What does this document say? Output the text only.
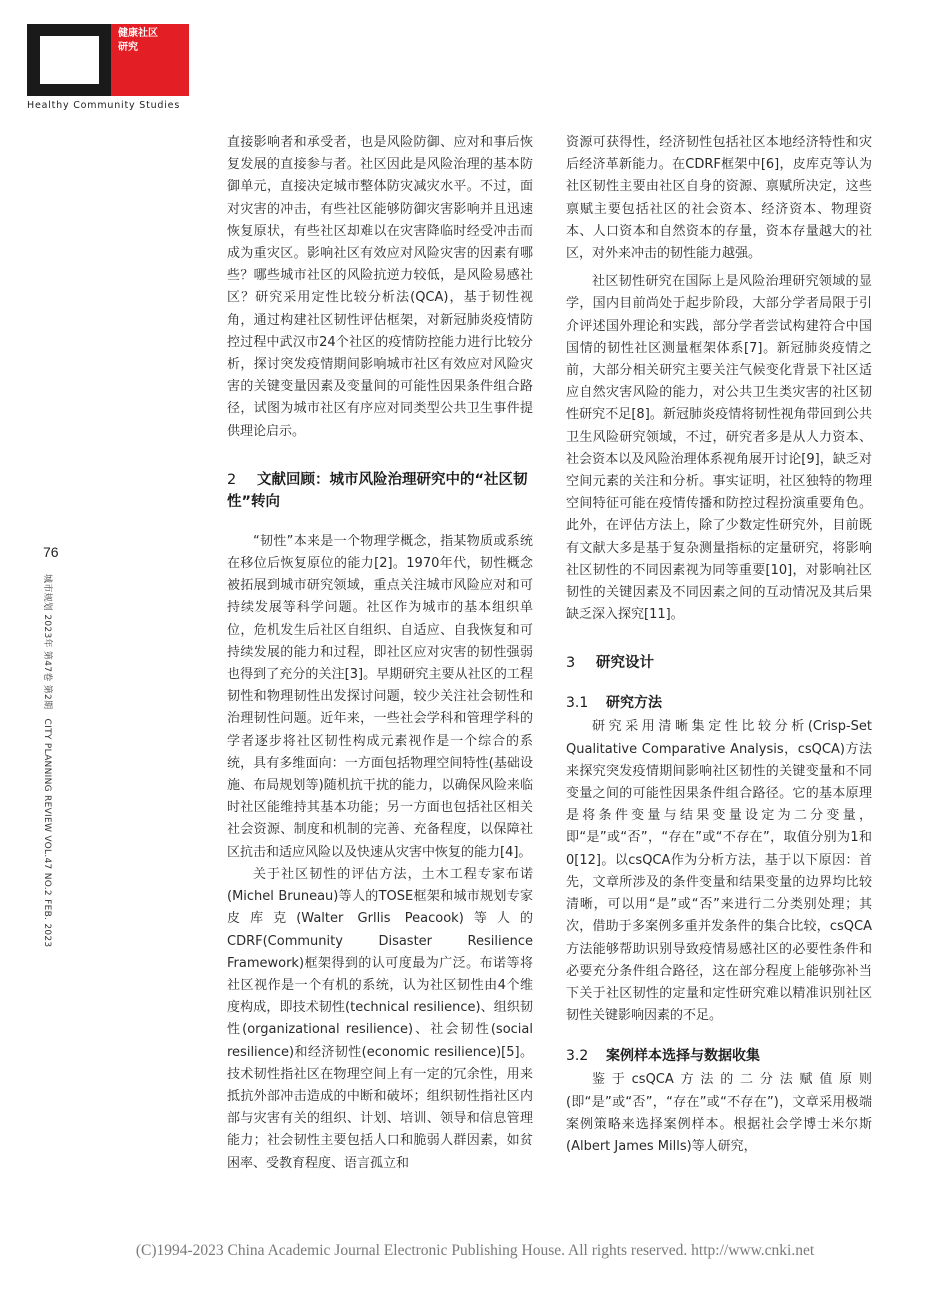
健康社区
研究
Healthy Community Studies
76
城市规划 2023年 第47卷 第2期 CITY PLANNING REVIEW VOL.47 NO.2 FEB. 2023

直接影响者和承受者，也是风险防御、应对和事后恢复发展的直接参与者。社区因此是风险治理的基本防御单元，直接决定城市整体防灾减灾水平。不过，面对灾害的冲击，有些社区能够防御灾害影响并且迅速恢复原状，有些社区却难以在灾害降临时经受冲击而成为重灾区。影响社区有效应对风险灾害的因素有哪些？哪些城市社区的风险抗逆力较低，是风险易感社区？研究采用定性比较分析法(QCA)，基于韧性视角，通过构建社区韧性评估框架，对新冠肺炎疫情防控过程中武汉市24个社区的疫情防控能力进行比较分析，探讨突发疫情期间影响城市社区有效应对风险灾害的关键变量因素及变量间的可能性因果条件组合路径，试图为城市社区有序应对同类型公共卫生事件提供理论启示。

2 文献回顾：城市风险治理研究中的“社区韧性”转向

“韧性”本来是一个物理学概念，指某物质或系统在移位后恢复原位的能力[2]。1970年代，韧性概念被拓展到城市研究领域，重点关注城市风险应对和可持续发展等科学问题。社区作为城市的基本组织单位，危机发生后社区自组织、自适应、自我恢复和可持续发展的能力和过程，即社区应对灾害的韧性强弱也得到了充分的关注[3]。早期研究主要从社区的工程韧性和物理韧性出发探讨问题，较少关注社会韧性和治理韧性问题。近年来，一些社会学科和管理学科的学者逐步将社区韧性构成元素视作是一个综合的系统，具有多维面向：一方面包括物理空间特性(基础设施、布局规划等)随机抗干扰的能力，以确保风险来临时社区能维持其基本功能；另一方面也包括社区相关社会资源、制度和机制的完善、充备程度，以保障社区抗击和适应风险以及快速从灾害中恢复的能力[4]。

关于社区韧性的评估方法，土木工程专家布诺(Michel Bruneau)等人的TOSE框架和城市规划专家皮库克(Walter Grllis Peacook)等人的CDRF(Community Disaster Resilience Framework)框架得到的认可度最为广泛。布诺等将社区视作是一个有机的系统，认为社区韧性由4个维度构成，即技术韧性(technical resilience)、组织韧性(organizational resilience)、社会韧性(social resilience)和经济韧性(economic resilience)[5]。技术韧性指社区在物理空间上有一定的冗余性，用来抵抗外部冲击造成的中断和破坏；组织韧性指社区内部与灾害有关的组织、计划、培训、领导和信息管理能力；社会韧性主要包括人口和脆弱人群因素，如贫困率、受教育程度、语言孤立和

资源可获得性，经济韧性包括社区本地经济特性和灾后经济革新能力。在CDRF框架中[6]，皮库克等认为社区韧性主要由社区自身的资源、禀赋所决定，这些禀赋主要包括社区的社会资本、经济资本、物理资本、人口资本和自然资本的存量，资本存量越大的社区，对外来冲击的韧性能力越强。

社区韧性研究在国际上是风险治理研究领域的显学，国内目前尚处于起步阶段，大部分学者局限于引介评述国外理论和实践，部分学者尝试构建符合中国国情的韧性社区测量框架体系[7]。新冠肺炎疫情之前，大部分相关研究主要关注气候变化背景下社区适应自然灾害风险的能力，对公共卫生类灾害的社区韧性研究不足[8]。新冠肺炎疫情将韧性视角带回到公共卫生风险研究领域，不过，研究者多是从人力资本、社会资本以及风险治理体系视角展开讨论[9]，缺乏对空间元素的关注和分析。事实证明，社区独特的物理空间特征可能在疫情传播和防控过程扮演重要角色。此外，在评估方法上，除了少数定性研究外，目前既有文献大多是基于复杂测量指标的定量研究，将影响社区韧性的不同因素视为同等重要[10]，对影响社区韧性的关键因素及不同因素之间的互动情况及其后果缺乏深入探究[11]。

3 研究设计
3.1 研究方法

研究采用清晰集定性比较分析(Crisp-Set Qualitative Comparative Analysis，csQCA)方法来探究突发疫情期间影响社区韧性的关键变量和不同变量之间的可能性因果条件组合路径。它的基本原理是将条件变量与结果变量设定为二分变量，即“是”或“否”，“存在”或“不存在”，取值分别为1和0[12]。以csQCA作为分析方法，基于以下原因：首先，文章所涉及的条件变量和结果变量的边界均比较清晰，可以用“是”或“否”来进行二分类别处理；其次，借助于多案例多重并发条件的集合比较，csQCA方法能够帮助识别导致疫情易感社区的必要性条件和必要充分条件组合路径，这在部分程度上能够弥补当下关于社区韧性的定量和定性研究难以精准识别社区韧性关键影响因素的不足。

3.2 案例样本选择与数据收集

鉴于csQCA方法的二分法赋值原则(即“是”或“否”，“存在”或“不存在”)，文章采用极端案例策略来选择案例样本。根据社会学博士米尔斯(Albert James Mills)等人研究，

(C)1994-2023 China Academic Journal Electronic Publishing House. All rights reserved. http://www.cnki.net
